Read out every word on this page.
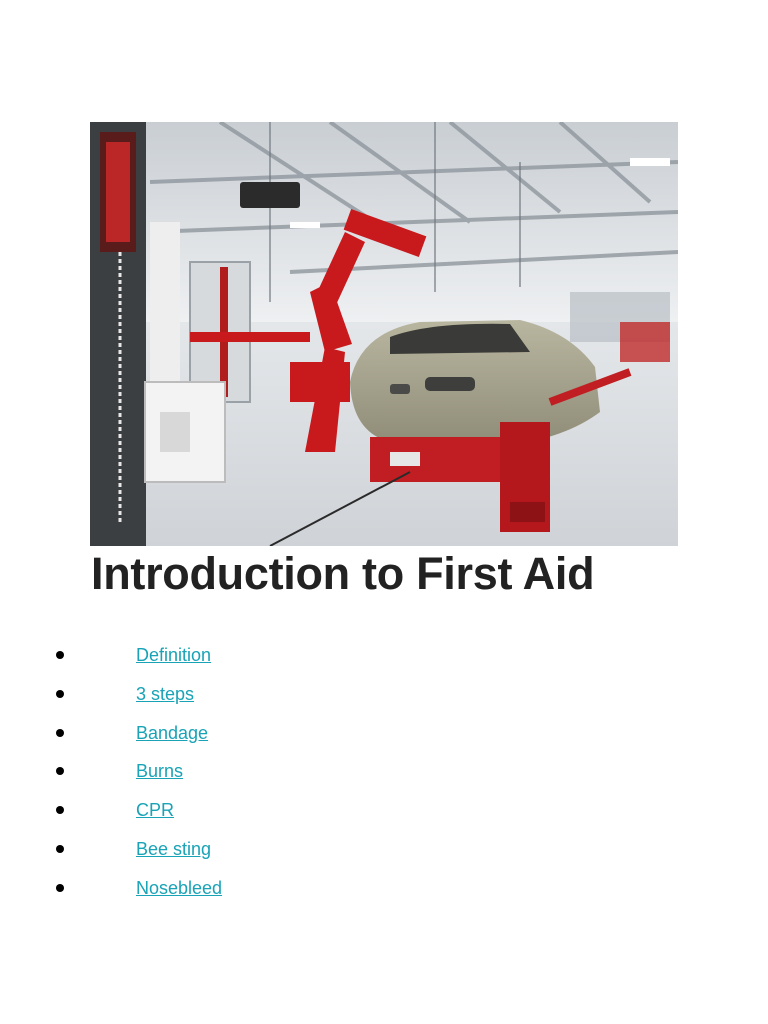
Introduction to First Aid
Definition
3 steps
Bandage
Burns
CPR
Bee sting
Nosebleed
